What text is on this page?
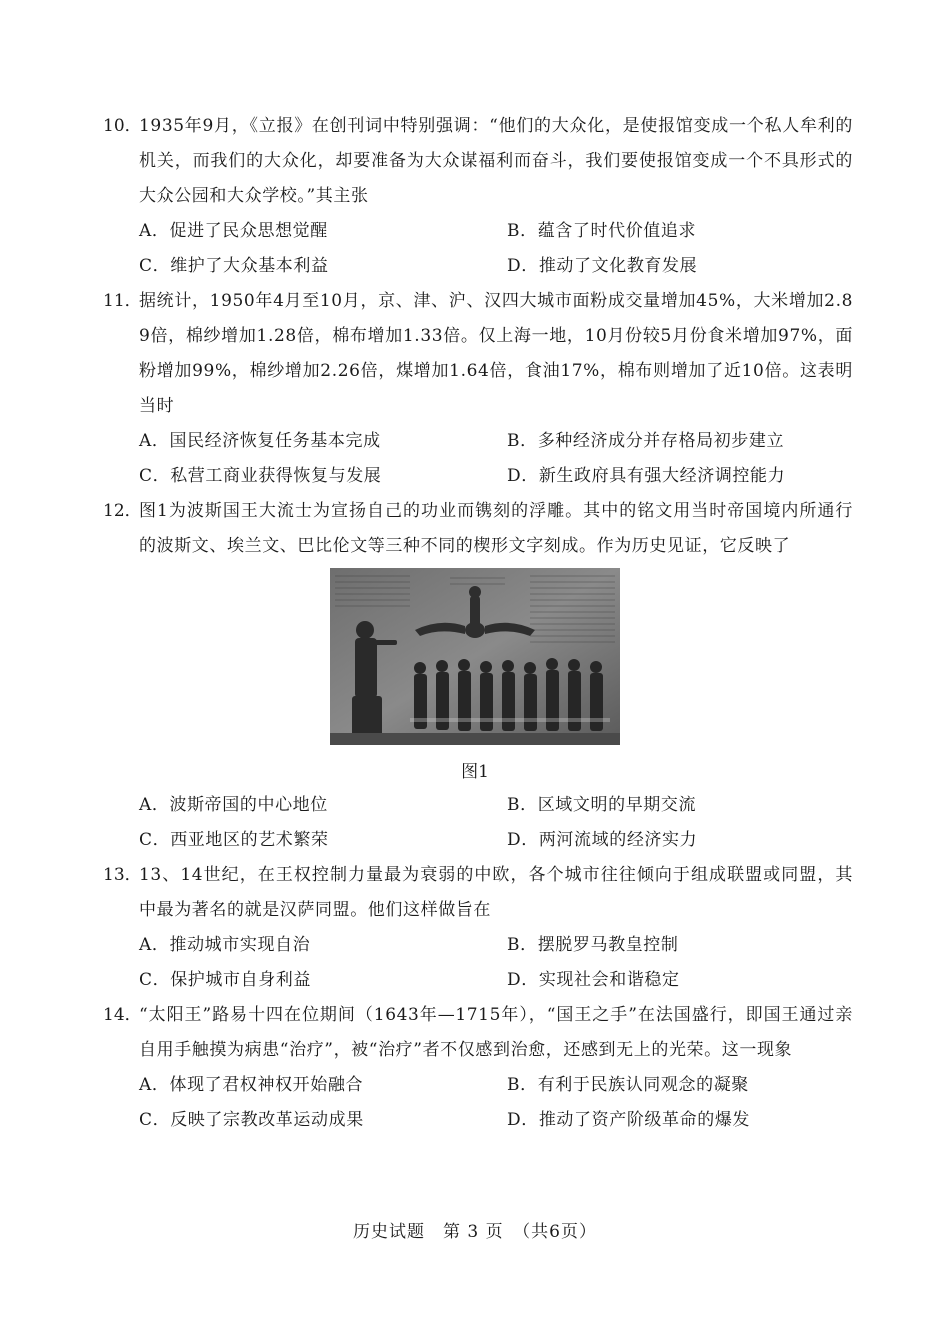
10．
1935年9月，《立报》在创刊词中特别强调：“他们的大众化，是使报馆变成一个私人牟利的机关，而我们的大众化，却要准备为大众谋福利而奋斗，我们要使报馆变成一个不具形式的大众公园和大众学校。”其主张
A．促进了民众思想觉醒	B．蕴含了时代价值追求
C．维护了大众基本利益	D．推动了文化教育发展
11．
据统计，1950年4月至10月，京、津、沪、汉四大城市面粉成交量增加45%，大米增加2.89倍，棉纱增加1.28倍，棉布增加1.33倍。仅上海一地，10月份较5月份食米增加97%，面粉增加99%，棉纱增加2.26倍，煤增加1.64倍，食油17%，棉布则增加了近10倍。这表明当时
A．国民经济恢复任务基本完成	B．多种经济成分并存格局初步建立
C．私营工商业获得恢复与发展	D．新生政府具有强大经济调控能力
12．
图1为波斯国王大流士为宣扬自己的功业而镌刻的浮雕。其中的铭文用当时帝国境内所通行的波斯文、埃兰文、巴比伦文等三种不同的楔形文字刻成。作为历史见证，它反映了
图1
A．波斯帝国的中心地位	B．区域文明的早期交流
C．西亚地区的艺术繁荣	D．两河流域的经济实力
13．
13、14世纪，在王权控制力量最为衰弱的中欧，各个城市往往倾向于组成联盟或同盟，其中最为著名的就是汉萨同盟。他们这样做旨在
A．推动城市实现自治	B．摆脱罗马教皇控制
C．保护城市自身利益	D．实现社会和谐稳定
14．
“太阳王”路易十四在位期间（1643年—1715年），“国王之手”在法国盛行，即国王通过亲自用手触摸为病患“治疗”，被“治疗”者不仅感到治愈，还感到无上的光荣。这一现象
A．体现了君权神权开始融合	B．有利于民族认同观念的凝聚
C．反映了宗教改革运动成果	D．推动了资产阶级革命的爆发
历史试题　第 3 页　（共6页）
